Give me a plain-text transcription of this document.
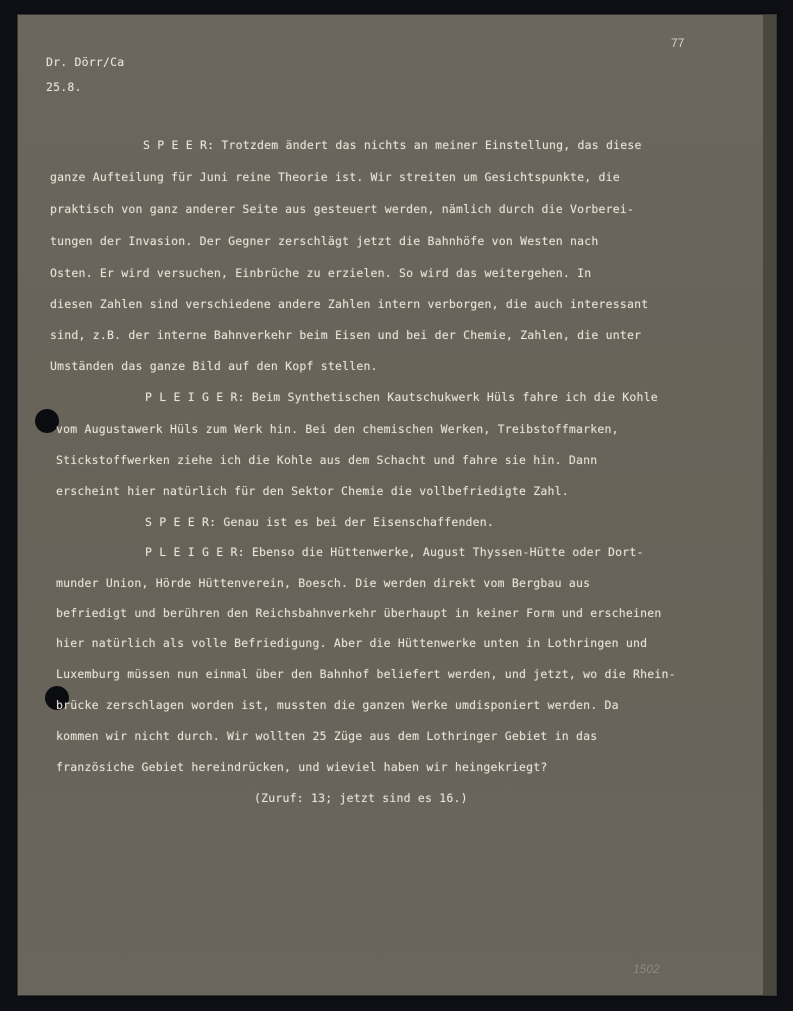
Dr. Dörr/Ca
25.8.
77
S P E E R: Trotzdem ändert das nichts an meiner Einstellung, das diese
ganze Aufteilung für Juni reine Theorie ist. Wir streiten um Gesichtspunkte, die
praktisch von ganz anderer Seite aus gesteuert werden, nämlich durch die Vorberei-
tungen der Invasion. Der Gegner zerschlägt jetzt die Bahnhöfe von Westen nach
Osten. Er wird versuchen, Einbrüche zu erzielen. So wird das weitergehen. In
diesen Zahlen sind verschiedene andere Zahlen intern verborgen, die auch interessant
sind, z.B. der interne Bahnverkehr beim Eisen und bei der Chemie, Zahlen, die unter
Umständen das ganze Bild auf den Kopf stellen.
P L E I G E R: Beim Synthetischen Kautschukwerk Hüls fahre ich die Kohle
vom Augustawerk Hüls zum Werk hin. Bei den chemischen Werken, Treibstoffmarken,
Stickstoffwerken ziehe ich die Kohle aus dem Schacht und fahre sie hin. Dann
erscheint hier natürlich für den Sektor Chemie die vollbefriedigte Zahl.
S P E E R: Genau ist es bei der Eisenschaffenden.
P L E I G E R: Ebenso die Hüttenwerke, August Thyssen-Hütte oder Dort-
munder Union, Hörde Hüttenverein, Boesch. Die werden direkt vom Bergbau aus
befriedigt und berühren den Reichsbahnverkehr überhaupt in keiner Form und erscheinen
hier natürlich als volle Befriedigung. Aber die Hüttenwerke unten in Lothringen und
Luxemburg müssen nun einmal über den Bahnhof beliefert werden, und jetzt, wo die Rhein-
brücke zerschlagen worden ist, mussten die ganzen Werke umdisponiert werden. Da
kommen wir nicht durch. Wir wollten 25 Züge aus dem Lothringer Gebiet in das
französiche Gebiet hereindrücken, und wieviel haben wir heingekriegt?
(Zuruf: 13; jetzt sind es 16.)
1502
